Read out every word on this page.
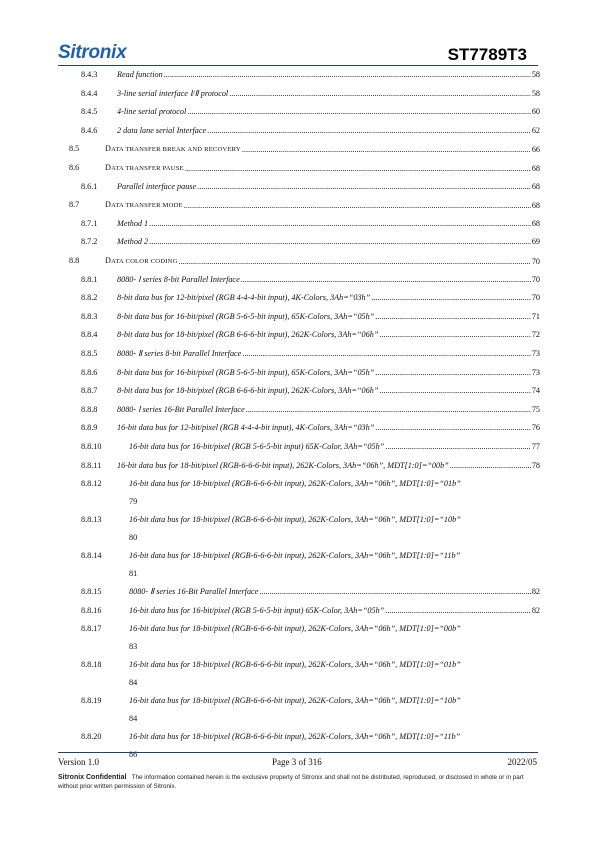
Sitronix	ST7789T3
8.4.3 Read function .....	58
8.4.4 3-line serial interface Ⅰ/Ⅱ protocol .....	58
8.4.5 4-line serial protocol .....	60
8.4.6 2 data lane serial Interface .....	62
8.5	DATA TRANSFER BREAK AND RECOVERY .....	66
8.6	DATA TRANSFER PAUSE .....	68
8.6.1 Parallel interface pause .....	68
8.7	DATA TRANSFER MODE .....	68
8.7.1 Method 1 .....	68
8.7.2 Method 2 .....	69
8.8	DATA COLOR CODING .....	70
8.8.1 8080- Ⅰ series 8-bit Parallel Interface .....	70
8.8.2 8-bit data bus for 12-bit/pixel (RGB 4-4-4-bit input), 4K-Colors, 3Ah=“03h” .....	70
8.8.3 8-bit data bus for 16-bit/pixel (RGB 5-6-5-bit input), 65K-Colors, 3Ah=“05h” .....	71
8.8.4 8-bit data bus for 18-bit/pixel (RGB 6-6-6-bit input), 262K-Colors, 3Ah=“06h” .....	72
8.8.5 8080- Ⅱ series 8-bit Parallel Interface .....	73
8.8.6 8-bit data bus for 16-bit/pixel (RGB 5-6-5-bit input), 65K-Colors, 3Ah=“05h” .....	73
8.8.7 8-bit data bus for 18-bit/pixel (RGB 6-6-6-bit input), 262K-Colors, 3Ah=“06h” .....	74
8.8.8 8080- Ⅰ series 16-Bit Parallel Interface .....	75
8.8.9 16-bit data bus for 12-bit/pixel (RGB 4-4-4-bit input), 4K-Colors, 3Ah=“03h” .....	76
8.8.10	16-bit data bus for 16-bit/pixel (RGB 5-6-5-bit input) 65K-Color, 3Ah=“05h” .....	77
8.8.11 16-bit data bus for 18-bit/pixel (RGB-6-6-6-bit input), 262K-Colors, 3Ah=“06h”, MDT[1:0]=“00b” .....	78
8.8.12	16-bit data bus for 18-bit/pixel (RGB-6-6-6-bit input), 262K-Colors, 3Ah=“06h”, MDT[1:0]=“01b”
79
8.8.13	16-bit data bus for 18-bit/pixel (RGB-6-6-6-bit input), 262K-Colors, 3Ah=“06h”, MDT[1:0]=“10b”
80
8.8.14	16-bit data bus for 18-bit/pixel (RGB-6-6-6-bit input), 262K-Colors, 3Ah=“06h”, MDT[1:0]=“11b”
81
8.8.15	8080- Ⅱ series 16-Bit Parallel Interface .....	82
8.8.16	16-bit data bus for 16-bit/pixel (RGB 5-6-5-bit input) 65K-Color, 3Ah=“05h” .....	82
8.8.17	16-bit data bus for 18-bit/pixel (RGB-6-6-6-bit input), 262K-Colors, 3Ah=“06h”, MDT[1:0]=“00b”
83
8.8.18	16-bit data bus for 18-bit/pixel (RGB-6-6-6-bit input), 262K-Colors, 3Ah=“06h”, MDT[1:0]=“01b”
84
8.8.19	16-bit data bus for 18-bit/pixel (RGB-6-6-6-bit input), 262K-Colors, 3Ah=“06h”, MDT[1:0]=“10b”
84
8.8.20	16-bit data bus for 18-bit/pixel (RGB-6-6-6-bit input), 262K-Colors, 3Ah=“06h”, MDT[1:0]=“11b”
86
Version 1.0	Page 3 of 316	2022/05
Sitronix Confidential The information contained herein is the exclusive property of Sitronix and shall not be distributed, reproduced, or disclosed in whole or in part without prior written permission of Sitronix.
